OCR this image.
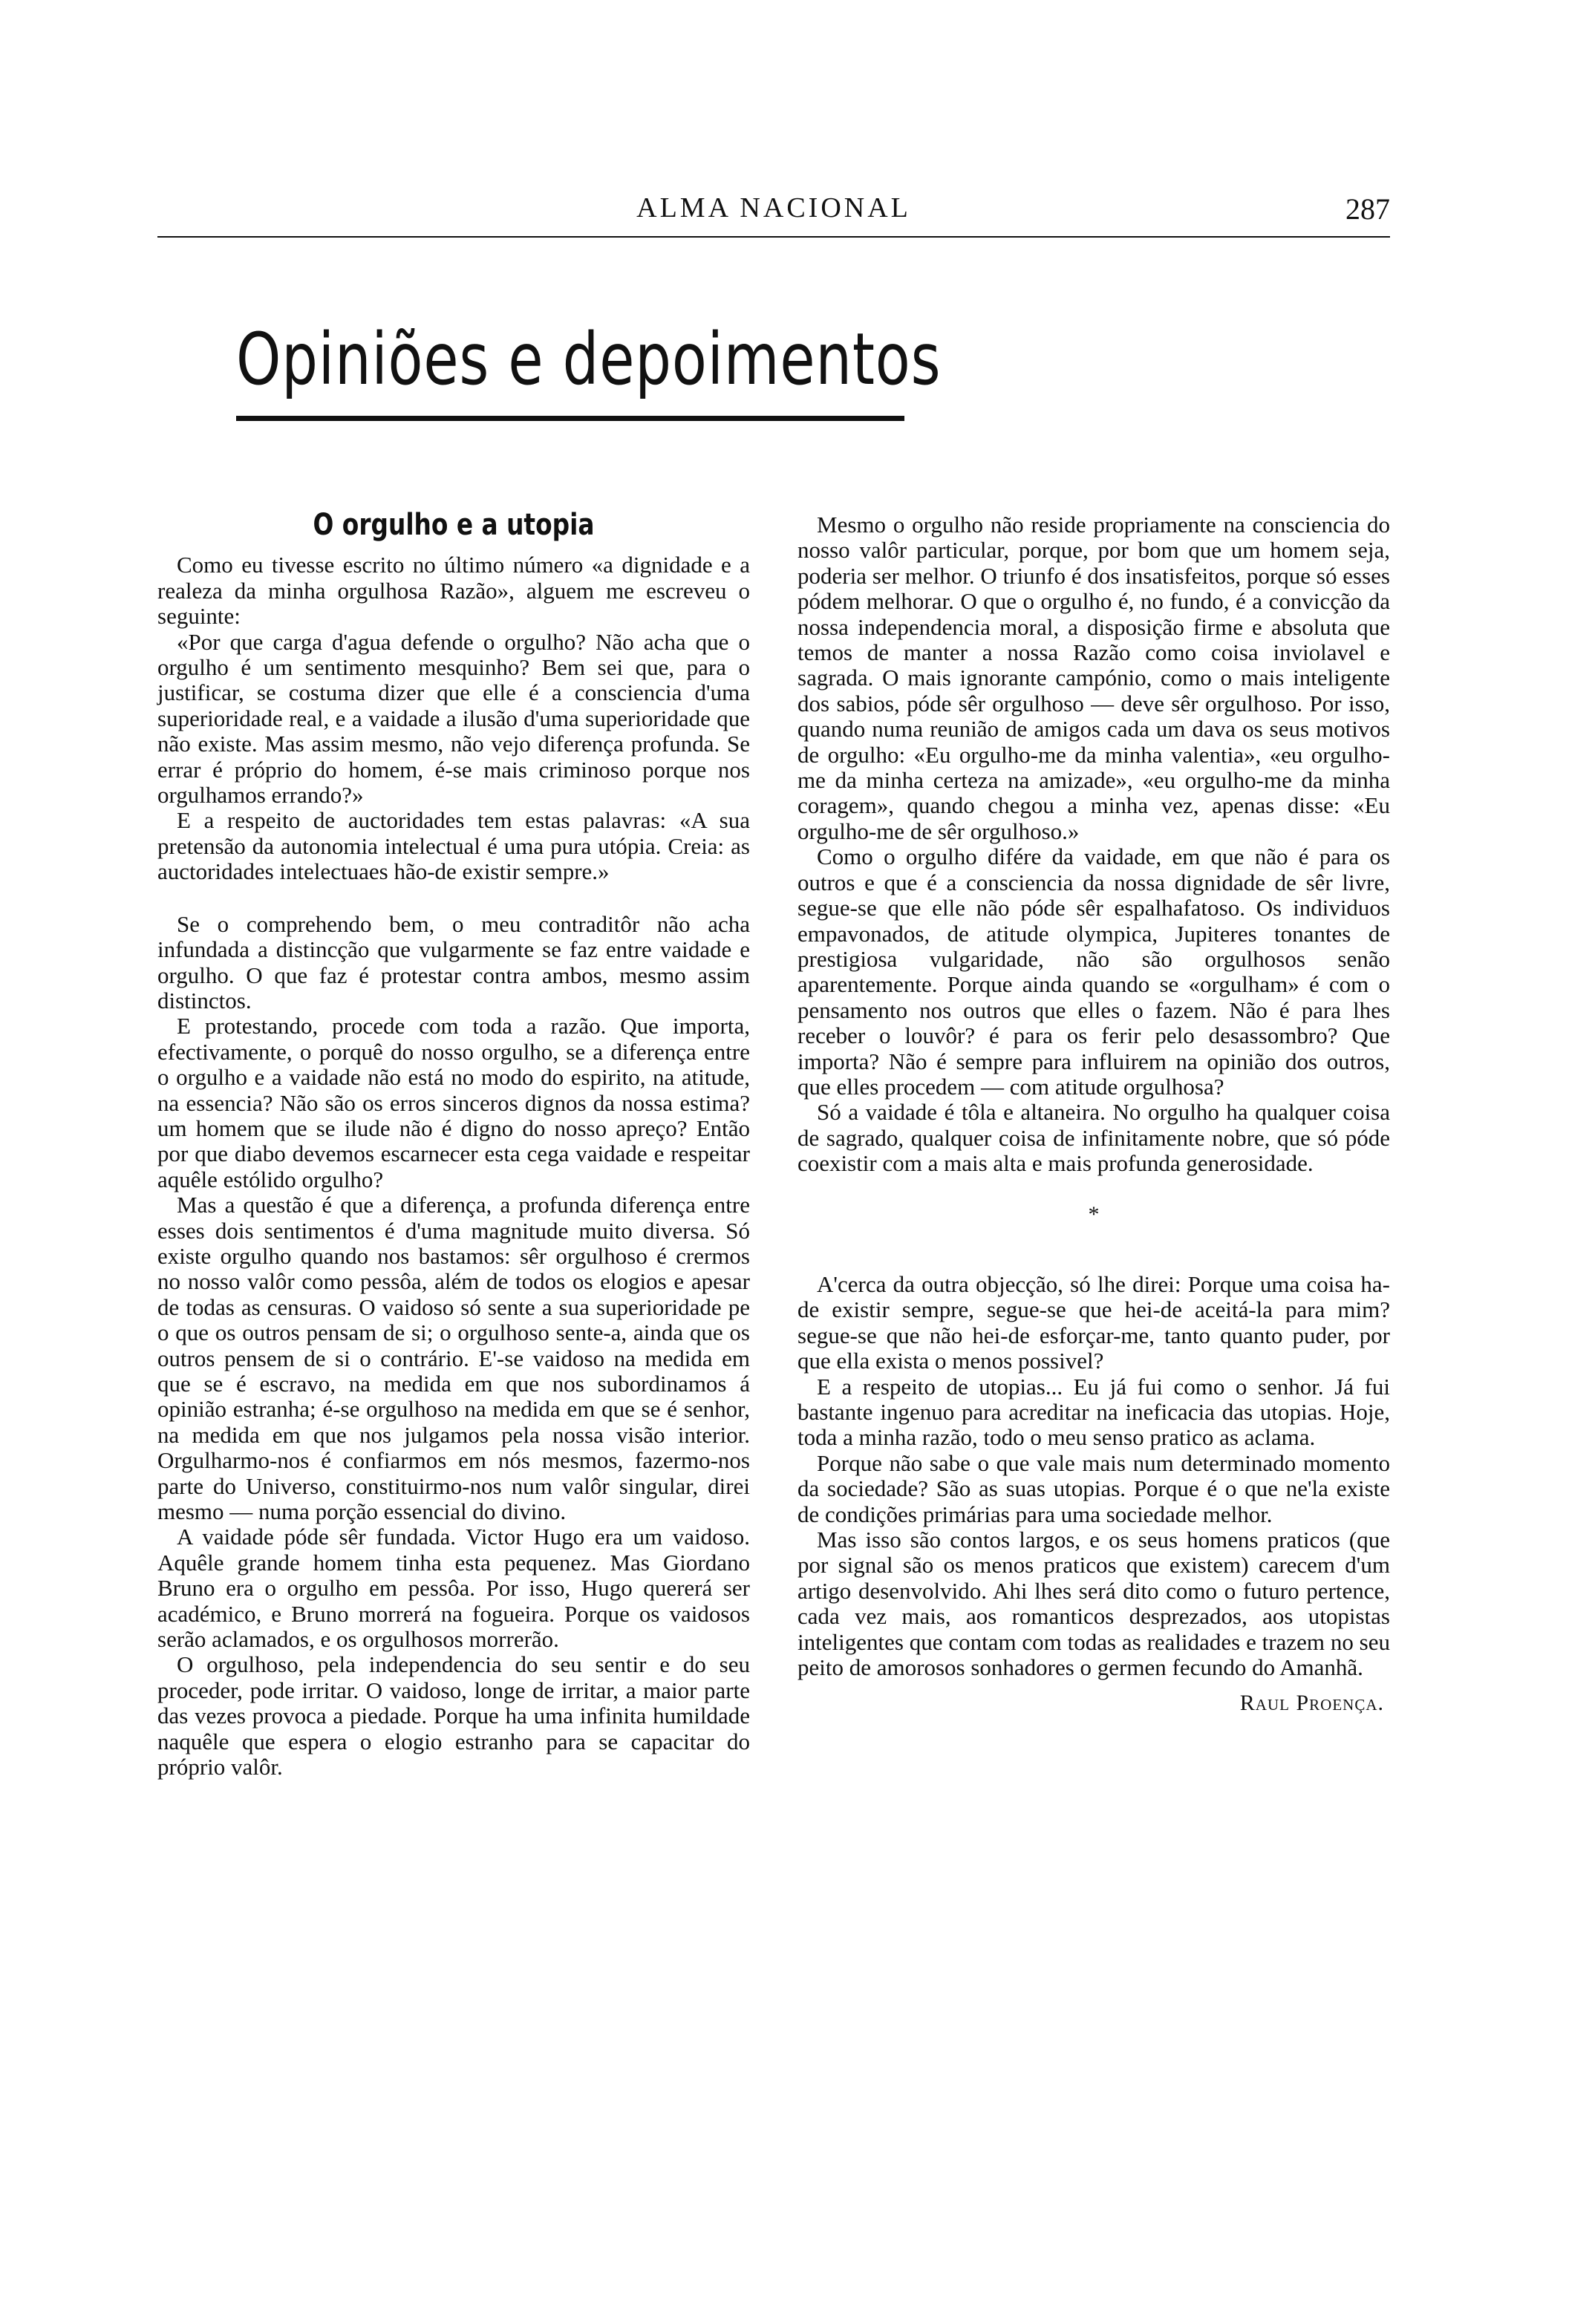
ALMA NACIONAL	287
Opiniões e depoimentos
O orgulho e a utopia

Como eu tivesse escrito no último número «a dignidade e a realeza da minha orgulhosa Razão», alguem me escreveu o seguinte:

«Por que carga d'agua defende o orgulho? Não acha que o orgulho é um sentimento mesquinho? Bem sei que, para o justificar, se costuma dizer que elle é a consciencia d'uma superioridade real, e a vaidade a ilusão d'uma superioridade que não existe. Mas assim mesmo, não vejo diferença profunda. Se errar é próprio do homem, é-se mais criminoso porque nos orgulhamos errando?»

E a respeito de auctoridades tem estas palavras: «A sua pretensão da autonomia intelectual é uma pura utópia. Creia: as auctoridades intelectuaes hão-de existir sempre.»

Se o comprehendo bem, o meu contraditôr não acha infundada a distincção que vulgarmente se faz entre vaidade e orgulho. O que faz é protestar contra ambos, mesmo assim distinctos.

E protestando, procede com toda a razão. Que importa, efectivamente, o porquê do nosso orgulho, se a diferença entre o orgulho e a vaidade não está no modo do espirito, na atitude, na essencia? Não são os erros sinceros dignos da nossa estima? um homem que se ilude não é digno do nosso apreço? Então por que diabo devemos escarnecer esta cega vaidade e respeitar aquêle estólido orgulho?

Mas a questão é que a diferença, a profunda diferença entre esses dois sentimentos é d'uma magnitude muito diversa. Só existe orgulho quando nos bastamos: sêr orgulhoso é crermos no nosso valôr como pessôa, além de todos os elogios e apesar de todas as censuras. O vaidoso só sente a sua superioridade pe o que os outros pensam de si; o orgulhoso sente-a, ainda que os outros pensem de si o contrário. E'-se vaidoso na medida em que se é escravo, na medida em que nos subordinamos á opinião estranha; é-se orgulhoso na medida em que se é senhor, na medida em que nos julgamos pela nossa visão interior. Orgulharmo-nos é confiarmos em nós mesmos, fazermo-nos parte do Universo, constituirmo-nos num valôr singular, direi mesmo — numa porção essencial do divino.

A vaidade póde sêr fundada. Victor Hugo era um vaidoso. Aquêle grande homem tinha esta pequenez. Mas Giordano Bruno era o orgulho em pessôa. Por isso, Hugo quererá ser académico, e Bruno morrerá na fogueira. Porque os vaidosos serão aclamados, e os orgulhosos morrerão.

O orgulhoso, pela independencia do seu sentir e do seu proceder, pode irritar. O vaidoso, longe de irritar, a maior parte das vezes provoca a piedade. Porque ha uma infinita humildade naquêle que espera o elogio estranho para se capacitar do próprio valôr.

Mesmo o orgulho não reside propriamente na consciencia do nosso valôr particular, porque, por bom que um homem seja, poderia ser melhor. O triunfo é dos insatisfeitos, porque só esses pódem melhorar. O que o orgulho é, no fundo, é a convicção da nossa independencia moral, a disposição firme e absoluta que temos de manter a nossa Razão como coisa inviolavel e sagrada. O mais ignorante campónio, como o mais inteligente dos sabios, póde sêr orgulhoso — deve sêr orgulhoso. Por isso, quando numa reunião de amigos cada um dava os seus motivos de orgulho: «Eu orgulho-me da minha valentia», «eu orgulho-me da minha certeza na amizade», «eu orgulho-me da minha coragem», quando chegou a minha vez, apenas disse: «Eu orgulho-me de sêr orgulhoso.»

Como o orgulho difére da vaidade, em que não é para os outros e que é a consciencia da nossa dignidade de sêr livre, segue-se que elle não póde sêr espalhafatoso. Os individuos empavonados, de atitude olympica, Jupiteres tonantes de prestigiosa vulgaridade, não são orgulhosos senão aparentemente. Porque ainda quando se «orgulham» é com o pensamento nos outros que elles o fazem. Não é para lhes receber o louvôr? é para os ferir pelo desassombro? Que importa? Não é sempre para influirem na opinião dos outros, que elles procedem — com atitude orgulhosa?

Só a vaidade é tôla e altaneira. No orgulho ha qualquer coisa de sagrado, qualquer coisa de infinitamente nobre, que só póde coexistir com a mais alta e mais profunda generosidade.

*

A'cerca da outra objecção, só lhe direi: Porque uma coisa ha-de existir sempre, segue-se que hei-de aceitá-la para mim? segue-se que não hei-de esforçar-me, tanto quanto puder, por que ella exista o menos possivel?

E a respeito de utopias... Eu já fui como o senhor. Já fui bastante ingenuo para acreditar na ineficacia das utopias. Hoje, toda a minha razão, todo o meu senso pratico as aclama.

Porque não sabe o que vale mais num determinado momento da sociedade? São as suas utopias. Porque é o que ne'la existe de condições primárias para uma sociedade melhor.

Mas isso são contos largos, e os seus homens praticos (que por signal são os menos praticos que existem) carecem d'um artigo desenvolvido. Ahi lhes será dito como o futuro pertence, cada vez mais, aos romanticos desprezados, aos utopistas inteligentes que contam com todas as realidades e trazem no seu peito de amorosos sonhadores o germen fecundo do Amanhã.

Raul Proença.
